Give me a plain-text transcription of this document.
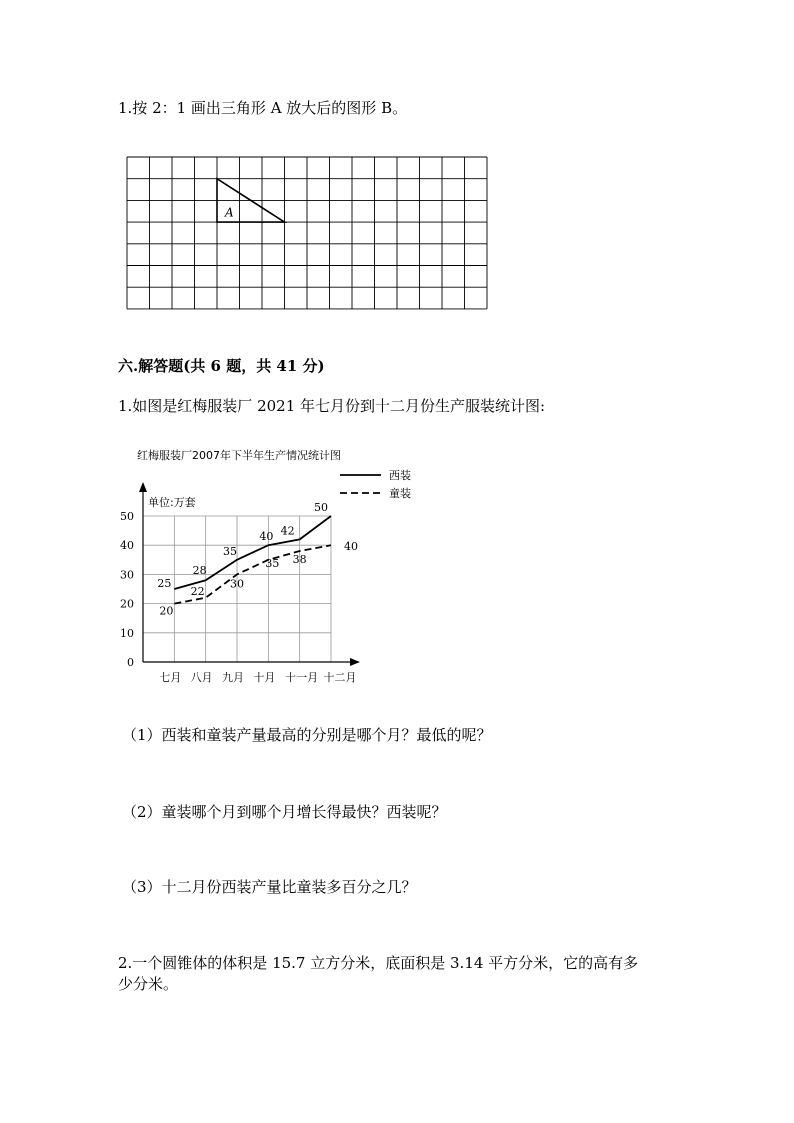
1.按 2：1 画出三角形 A 放大后的图形 B。
A
六.解答题(共 6 题，共 41 分)
1.如图是红梅服装厂 2021 年七月份到十二月份生产服装统计图:
红梅服装厂2007年下半年生产情况统计图
单位:万套
0
10
20
30
40
50
七月 八月 九月 十月 十一月 十二月
25
28
35
40 42
50
20
22
30
35 38
40
西装
童装
（1）西装和童装产量最高的分别是哪个月？最低的呢？
（2）童装哪个月到哪个月增长得最快？西装呢？
（3）十二月份西装产量比童装多百分之几？
2.一个圆锥体的体积是 15.7 立方分米，底面积是 3.14 平方分米，它的高有多
少分米。
